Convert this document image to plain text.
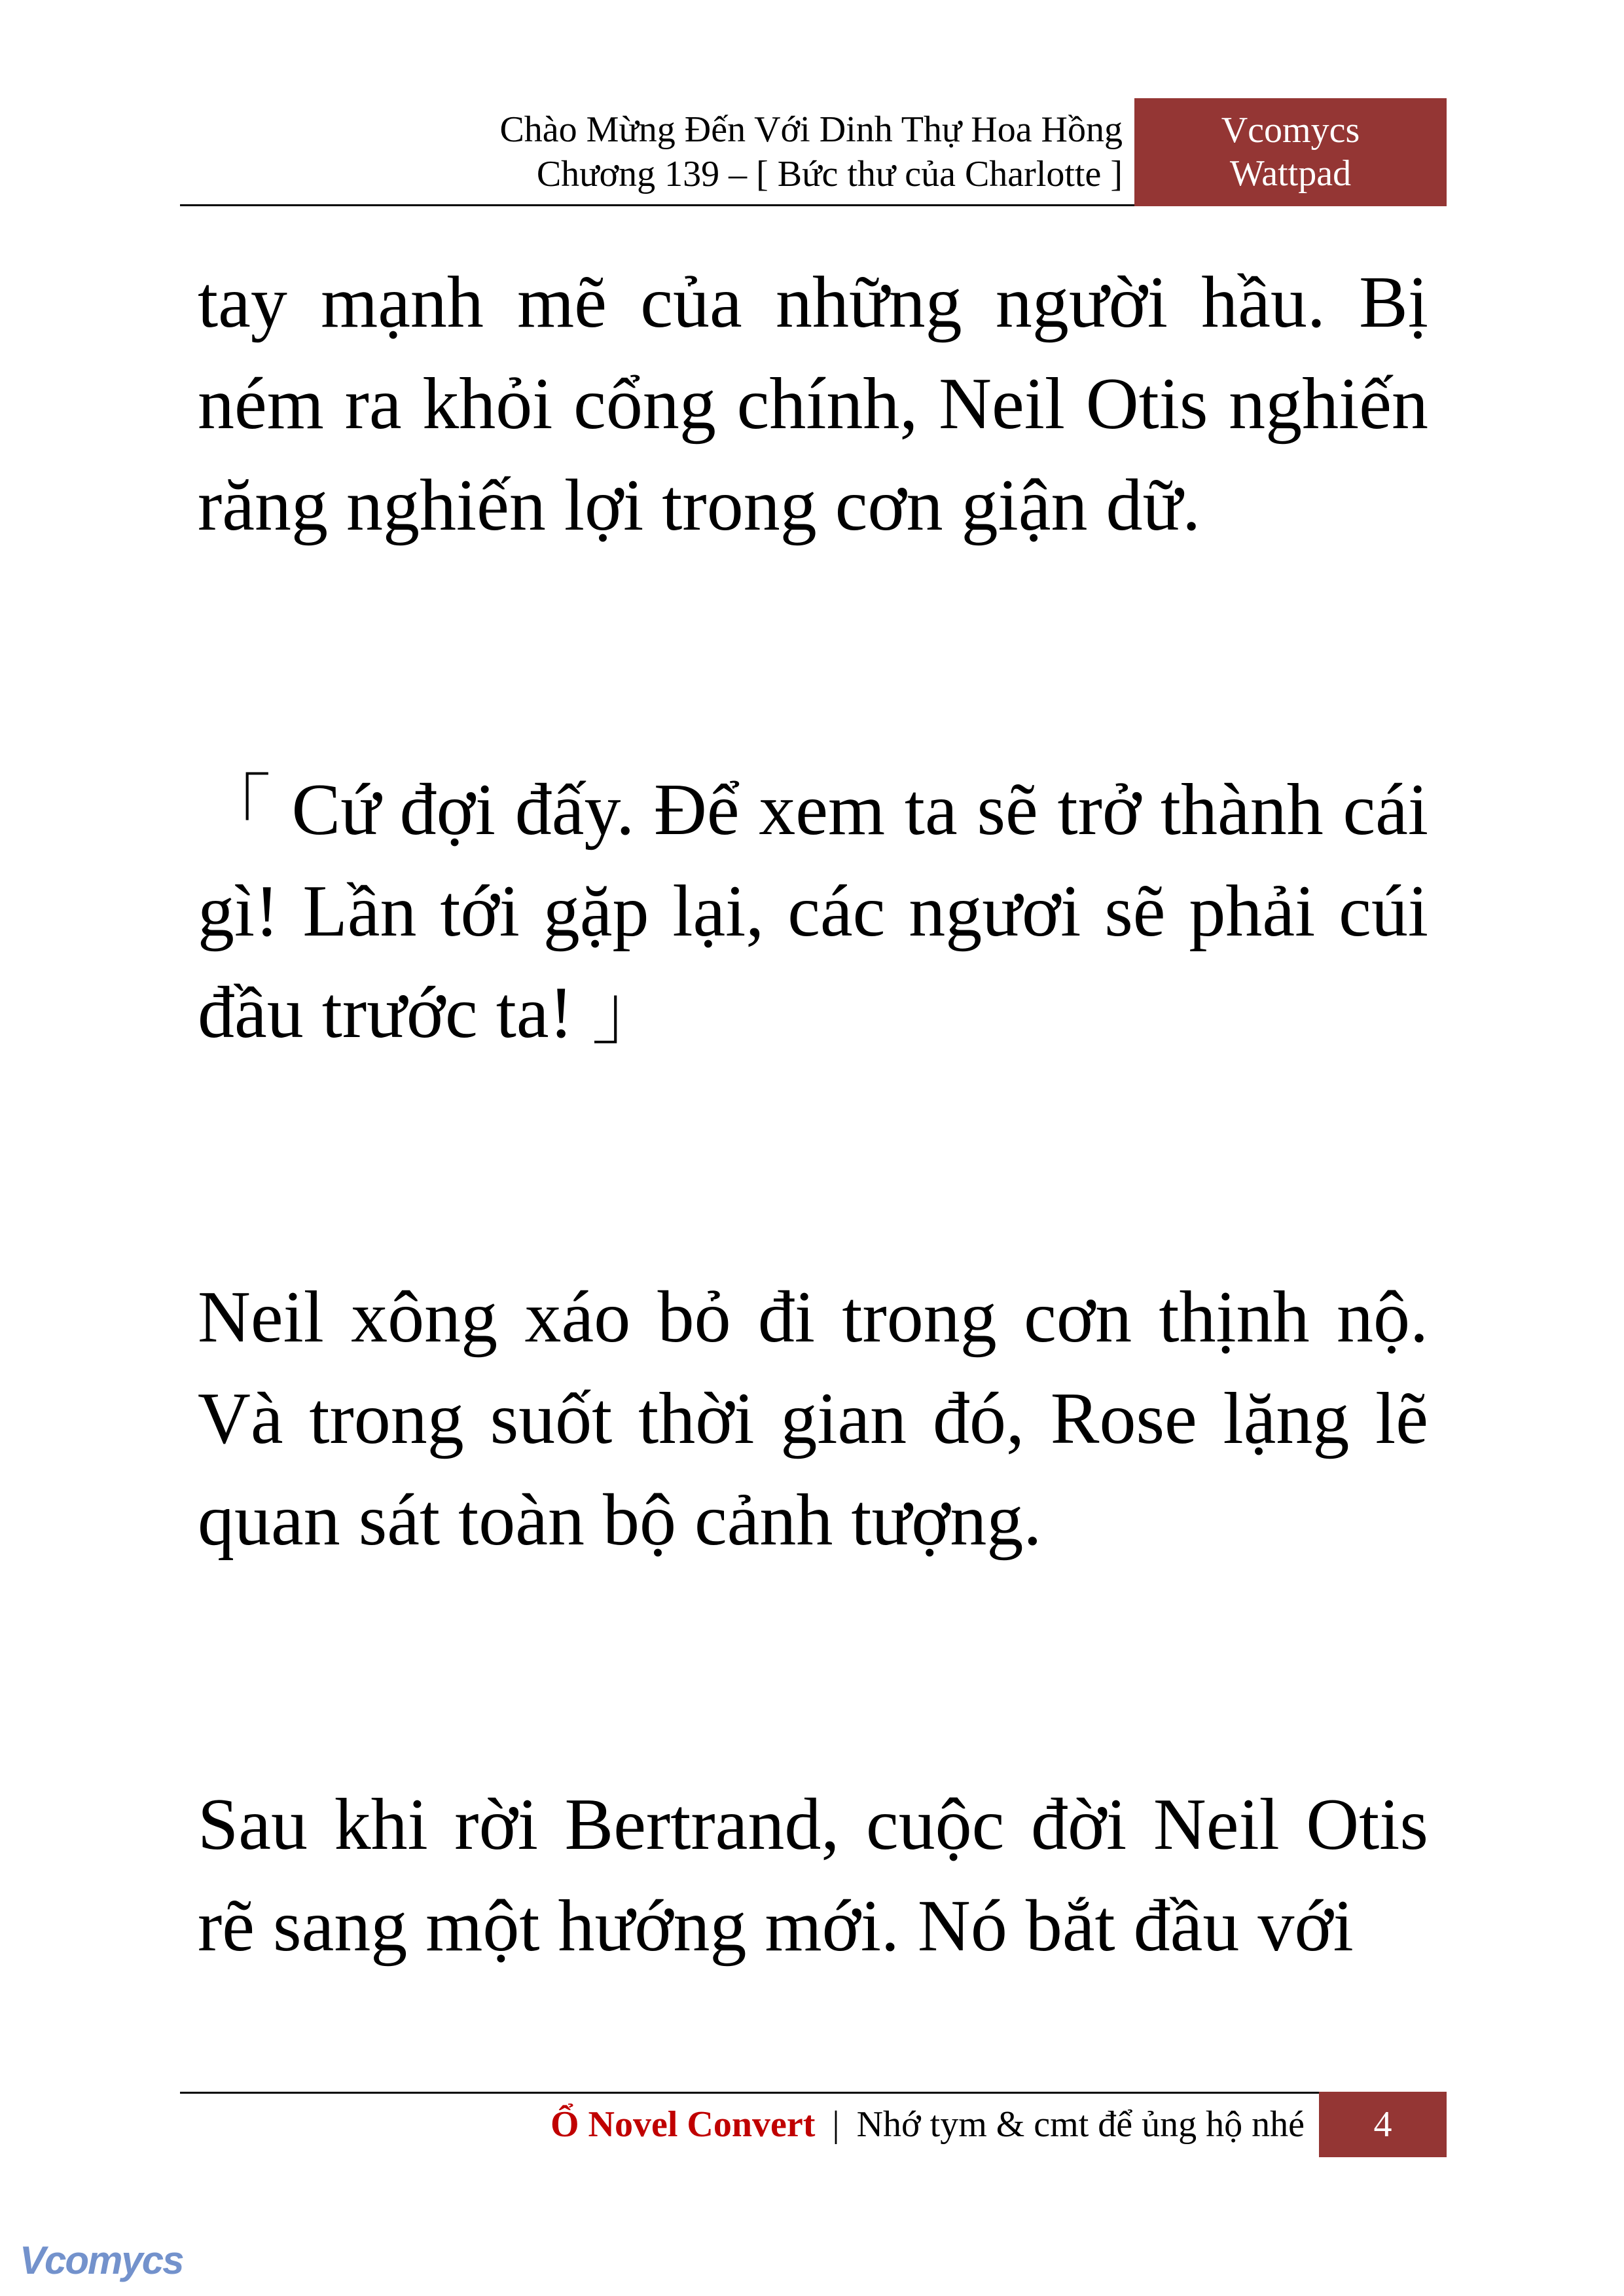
Chào Mừng Đến Với Dinh Thự Hoa Hồng
Chương 139 – [ Bức thư của Charlotte ]
Vcomycs
Wattpad

tay mạnh mẽ của những người hầu. Bị ném ra khỏi cổng chính, Neil Otis nghiến răng nghiến lợi trong cơn giận dữ.

「 Cứ đợi đấy. Để xem ta sẽ trở thành cái gì! Lần tới gặp lại, các ngươi sẽ phải cúi đầu trước ta! 」

Neil xông xáo bỏ đi trong cơn thịnh nộ. Và trong suốt thời gian đó, Rose lặng lẽ quan sát toàn bộ cảnh tượng.

Sau khi rời Bertrand, cuộc đời Neil Otis rẽ sang một hướng mới. Nó bắt đầu với

Ổ Novel Convert | Nhớ tym & cmt để ủng hộ nhé	4
Vcomycs
